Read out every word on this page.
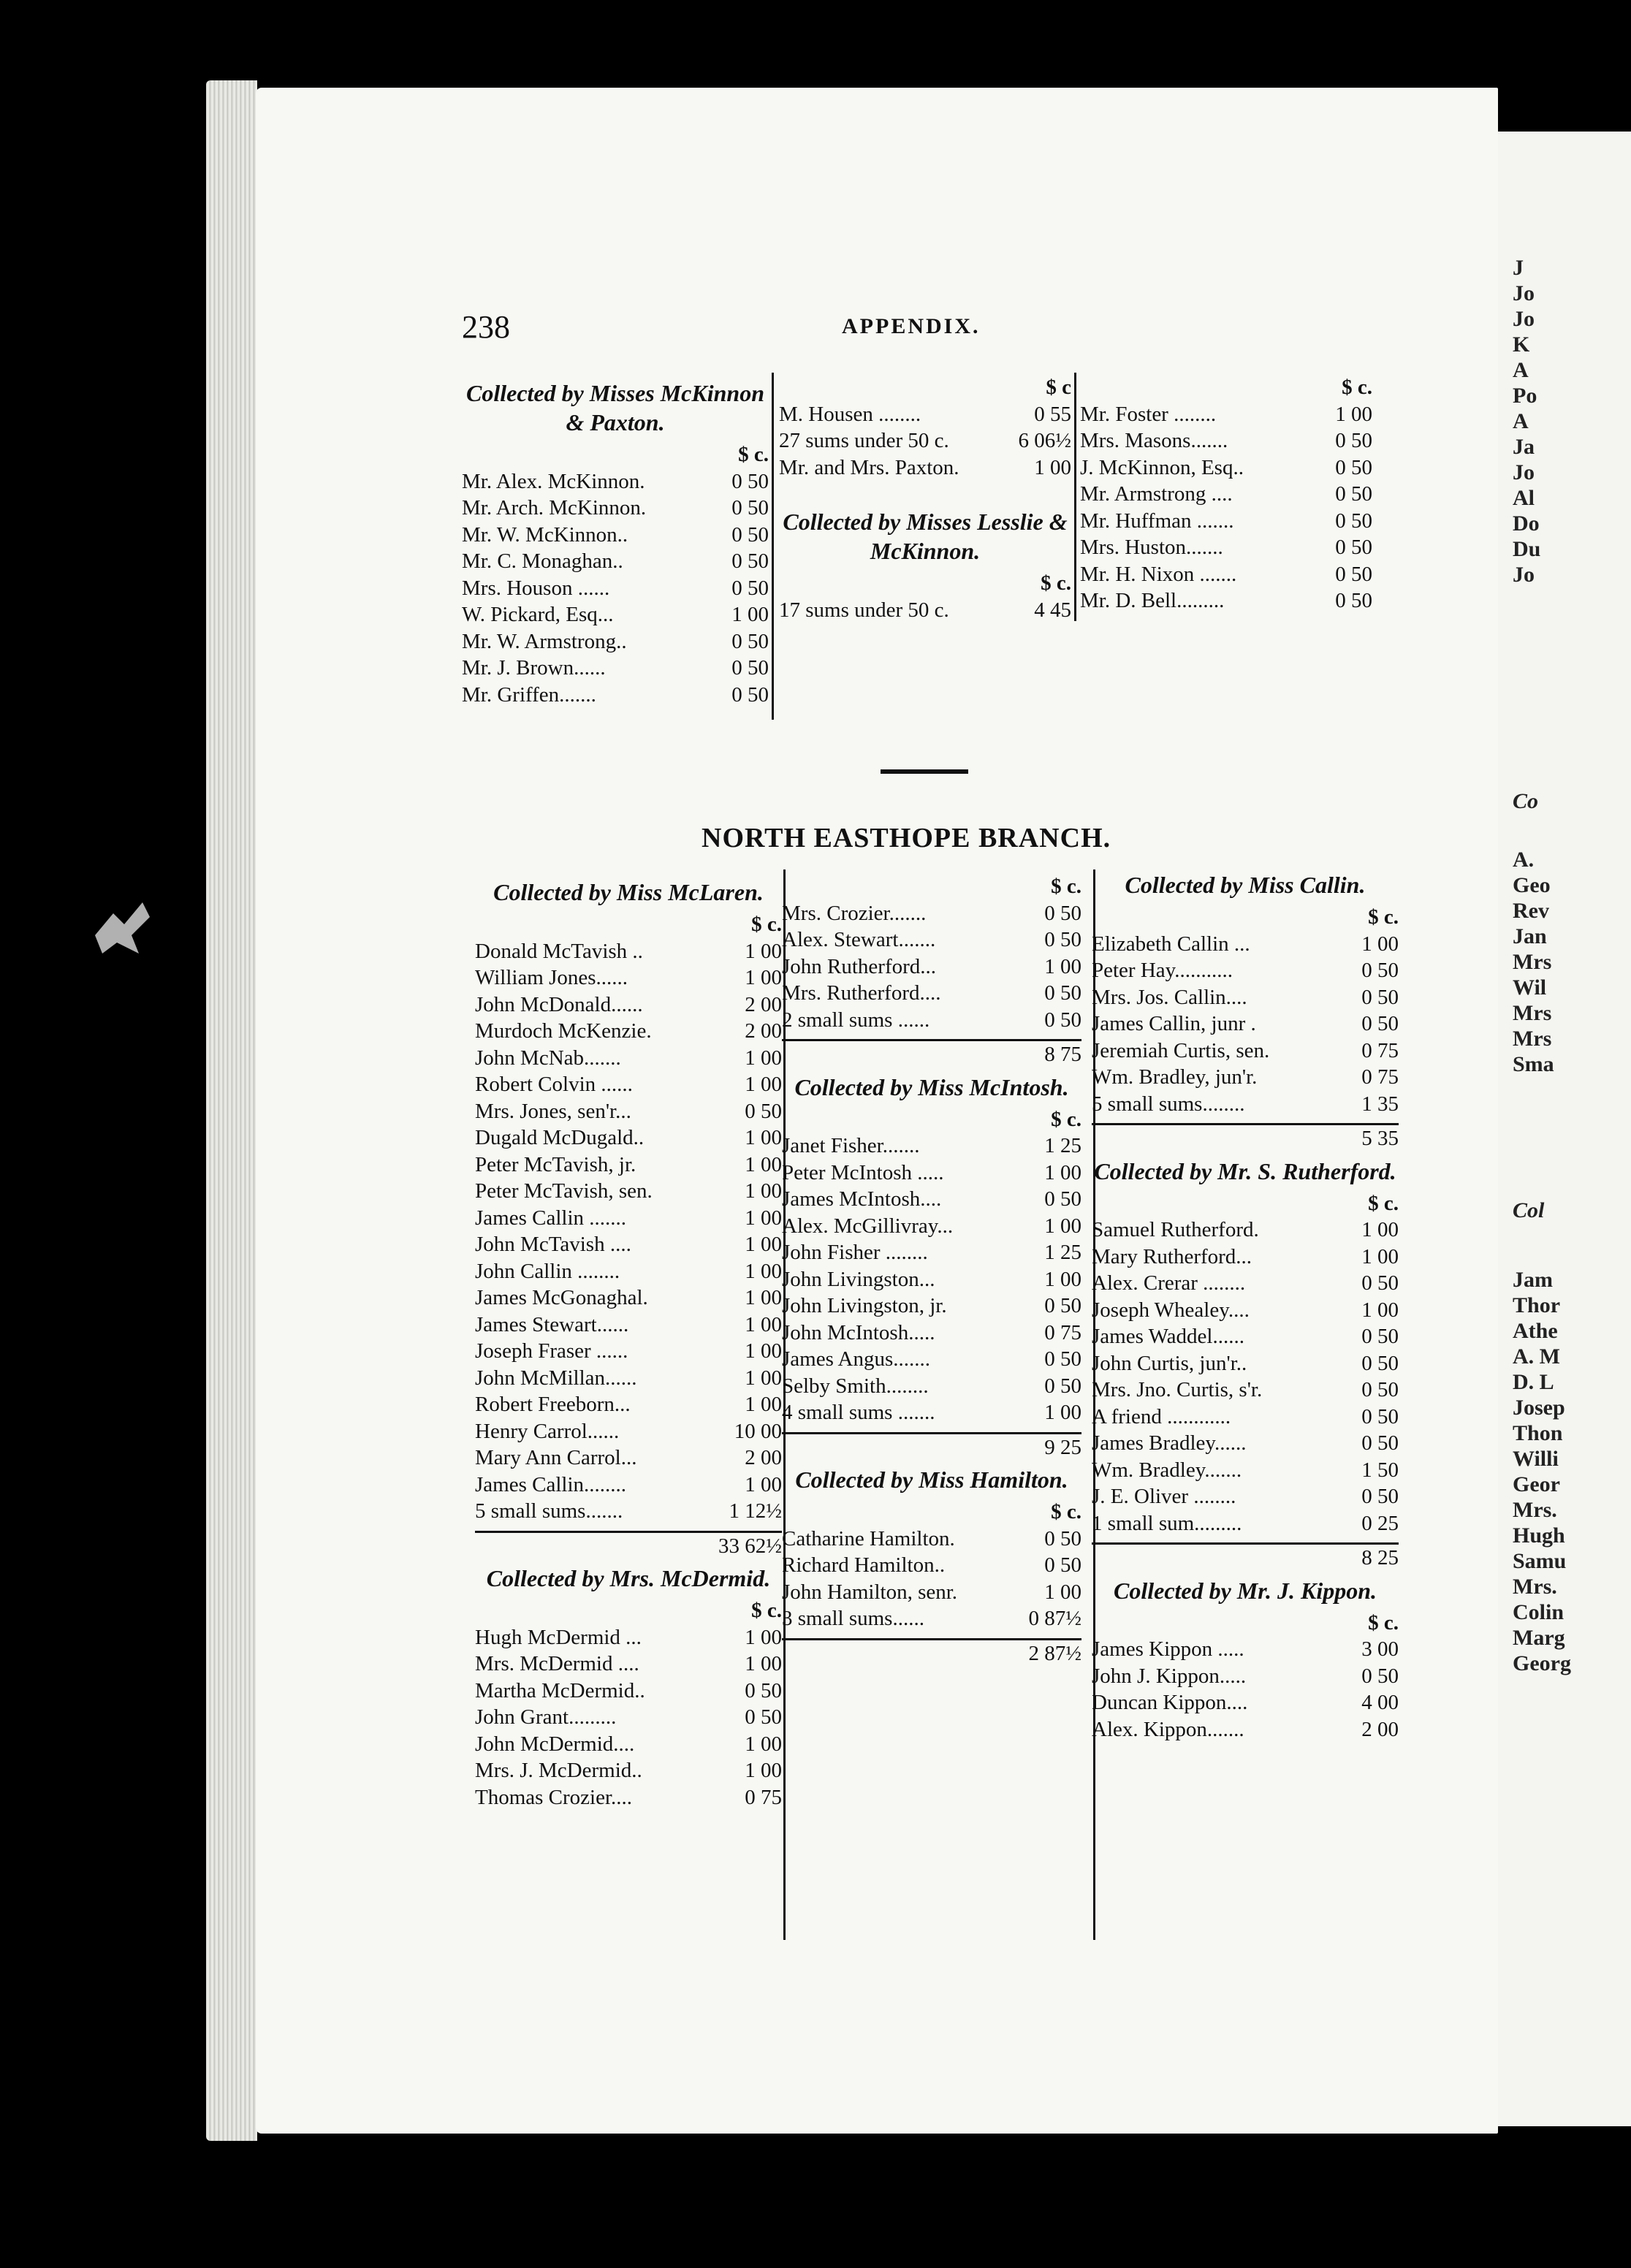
J
Jo
Jo
K
A
Po
A
Ja
Jo
Al
Do
Du
Jo
Co
A.
Geo
Rev
Jan
Mrs
Wil
Mrs
Mrs
Sma
Col
Jam
Thor
Athe
A. M
D. L
Josep
Thon
Willi
Geor
Mrs.
Hugh
Samu
Mrs.
Colin
Marg
Georg
238	APPENDIX.
Collected by Misses McKinnon & Paxton.
$ c.
Mr. Alex. McKinnon.	0 50
Mr. Arch. McKinnon.	0 50
Mr. W. McKinnon..	0 50
Mr. C. Monaghan..	0 50
Mrs. Houson ......	0 50
W. Pickard, Esq...	1 00
Mr. W. Armstrong..	0 50
Mr. J. Brown......	0 50
Mr. Griffen.......	0 50
$ c
M. Housen ........	0 55
27 sums under 50 c.	6 06½
Mr. and Mrs. Paxton.	1 00
Collected by Misses Lesslie & McKinnon.
$ c.
17 sums under 50 c.	4 45
$ c.
Mr. Foster ........	1 00
Mrs. Masons.......	0 50
J. McKinnon, Esq..	0 50
Mr. Armstrong ....	0 50
Mr. Huffman .......	0 50
Mrs. Huston.......	0 50
Mr. H. Nixon .......	0 50
Mr. D. Bell.........	0 50
NORTH EASTHOPE BRANCH.
Collected by Miss McLaren.
$ c.
Donald McTavish ..	1 00
William Jones......	1 00
John McDonald......	2 00
Murdoch McKenzie.	2 00
John McNab.......	1 00
Robert Colvin ......	1 00
Mrs. Jones, sen'r...	0 50
Dugald McDugald..	1 00
Peter McTavish, jr.	1 00
Peter McTavish, sen.	1 00
James Callin .......	1 00
John McTavish ....	1 00
John Callin ........	1 00
James McGonaghal.	1 00
James Stewart......	1 00
Joseph Fraser ......	1 00
John McMillan......	1 00
Robert Freeborn...	1 00
Henry Carrol......	10 00
Mary Ann Carrol...	2 00
James Callin........	1 00
5 small sums.......	1 12½
33 62½
Collected by Mrs. McDermid.
$ c.
Hugh McDermid ...	1 00
Mrs. McDermid ....	1 00
Martha McDermid..	0 50
John Grant.........	0 50
John McDermid....	1 00
Mrs. J. McDermid..	1 00
Thomas Crozier....	0 75
$ c.
Mrs. Crozier.......	0 50
Alex. Stewart.......	0 50
John Rutherford...	1 00
Mrs. Rutherford....	0 50
2 small sums ......	0 50
8 75
Collected by Miss McIntosh.
$ c.
Janet Fisher.......	1 25
Peter McIntosh .....	1 00
James McIntosh....	0 50
Alex. McGillivray...	1 00
John Fisher ........	1 25
John Livingston...	1 00
John Livingston, jr.	0 50
John McIntosh.....	0 75
James Angus.......	0 50
Selby Smith........	0 50
4 small sums .......	1 00
9 25
Collected by Miss Hamilton.
$ c.
Catharine Hamilton.	0 50
Richard Hamilton..	0 50
John Hamilton, senr.	1 00
3 small sums......	0 87½
2 87½
Collected by Miss Callin.
$ c.
Elizabeth Callin ...	1 00
Peter Hay...........	0 50
Mrs. Jos. Callin....	0 50
James Callin, junr .	0 50
Jeremiah Curtis, sen.	0 75
Wm. Bradley, jun'r.	0 75
5 small sums........	1 35
5 35
Collected by Mr. S. Rutherford.
$ c.
Samuel Rutherford.	1 00
Mary Rutherford...	1 00
Alex. Crerar ........	0 50
Joseph Whealey....	1 00
James Waddel......	0 50
John Curtis, jun'r..	0 50
Mrs. Jno. Curtis, s'r.	0 50
A friend ............	0 50
James Bradley......	0 50
Wm. Bradley.......	1 50
J. E. Oliver ........	0 50
1 small sum.........	0 25
8 25
Collected by Mr. J. Kippon.
$ c.
James Kippon .....	3 00
John J. Kippon.....	0 50
Duncan Kippon....	4 00
Alex. Kippon.......	2 00
